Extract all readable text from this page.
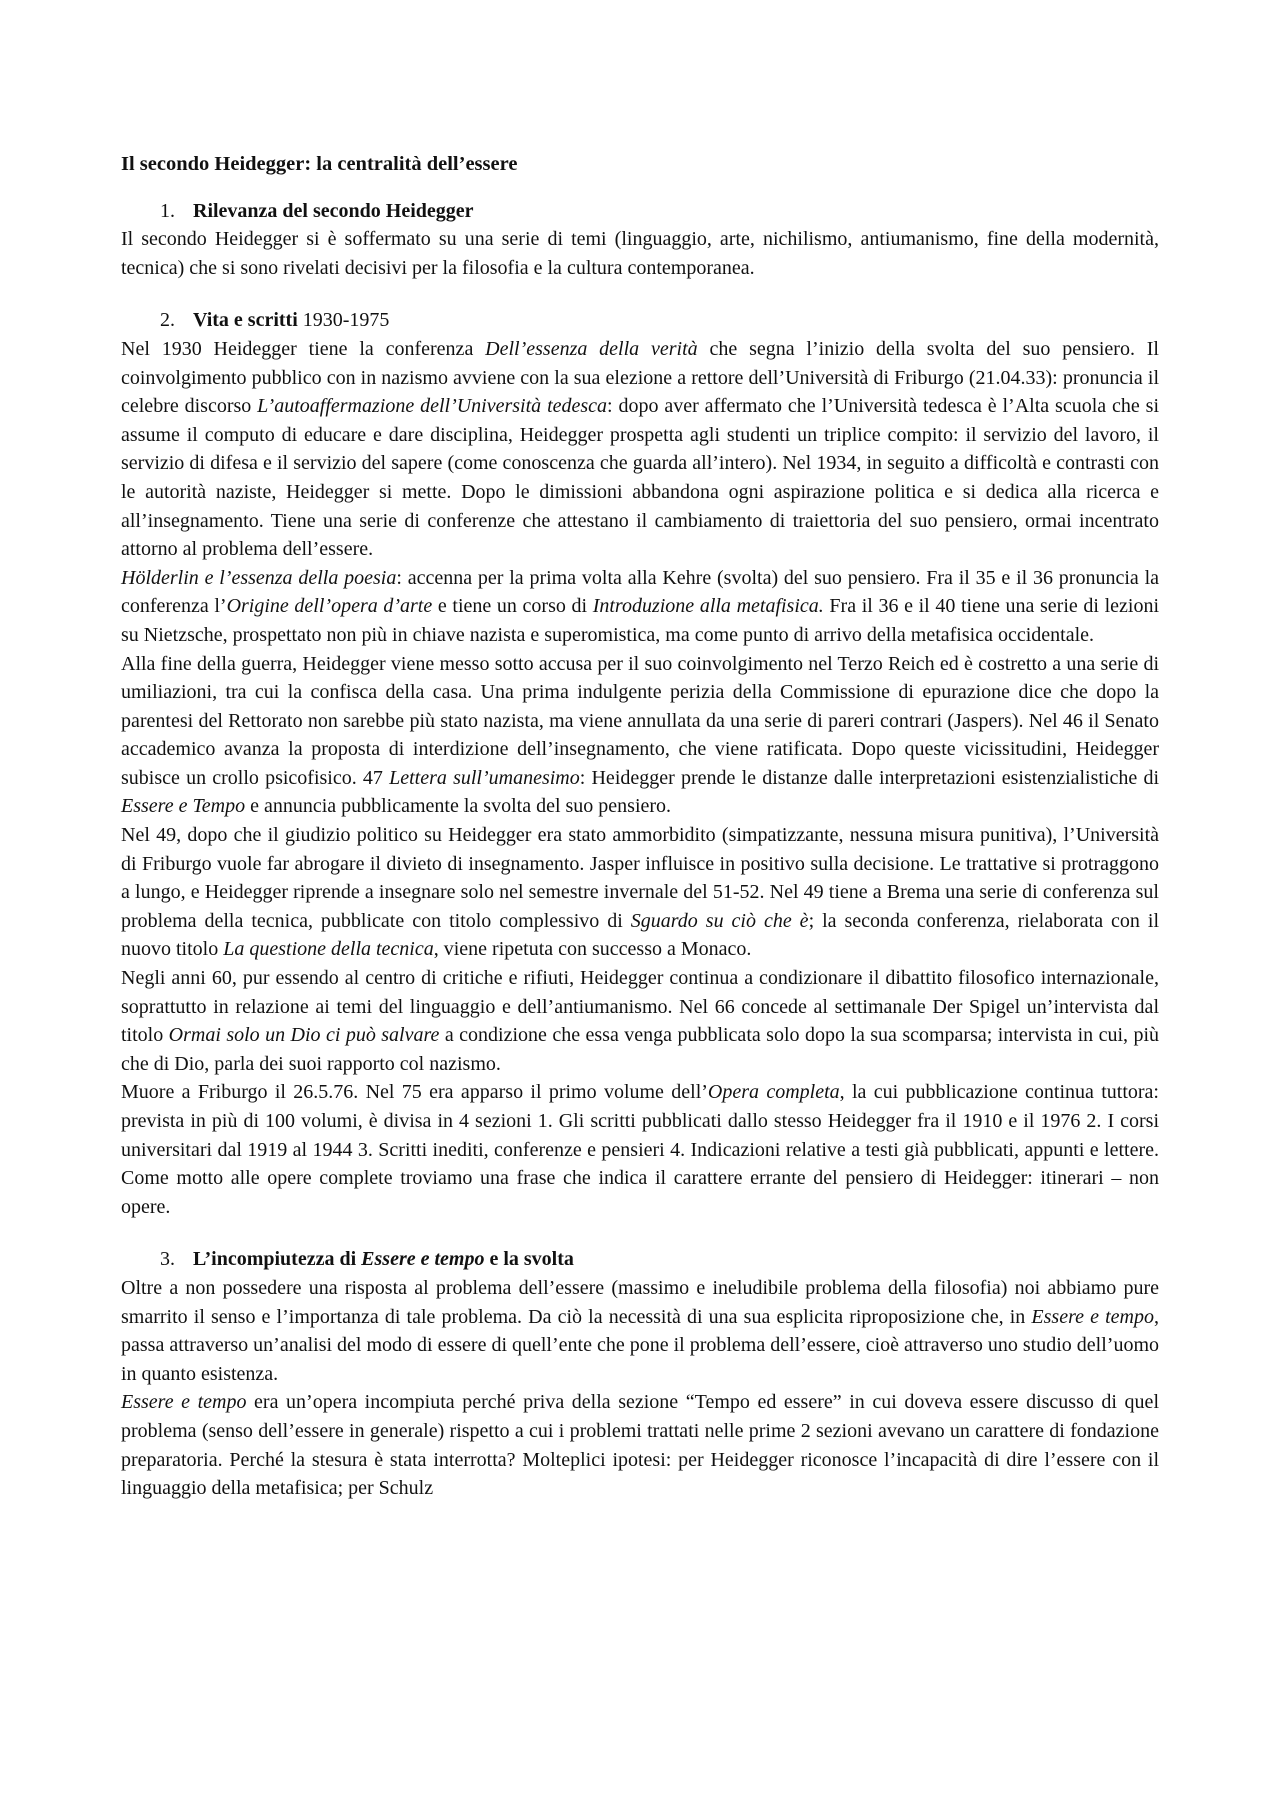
Il secondo Heidegger: la centralità dell’essere
1. Rilevanza del secondo Heidegger

Il secondo Heidegger si è soffermato su una serie di temi (linguaggio, arte, nichilismo, antiumanismo, fine della modernità, tecnica) che si sono rivelati decisivi per la filosofia e la cultura contemporanea.

2. Vita e scritti 1930-1975

Nel 1930 Heidegger tiene la conferenza Dell’essenza della verità che segna l’inizio della svolta del suo pensiero. Il coinvolgimento pubblico con in nazismo avviene con la sua elezione a rettore dell’Università di Friburgo (21.04.33): pronuncia il celebre discorso L’autoaffermazione dell’Università tedesca: dopo aver affermato che l’Università tedesca è l’Alta scuola che si assume il computo di educare e dare disciplina, Heidegger prospetta agli studenti un triplice compito: il servizio del lavoro, il servizio di difesa e il servizio del sapere (come conoscenza che guarda all’intero). Nel 1934, in seguito a difficoltà e contrasti con le autorità naziste, Heidegger si mette. Dopo le dimissioni abbandona ogni aspirazione politica e si dedica alla ricerca e all’insegnamento. Tiene una serie di conferenze che attestano il cambiamento di traiettoria del suo pensiero, ormai incentrato attorno al problema dell’essere.

Hölderlin e l’essenza della poesia: accenna per la prima volta alla Kehre (svolta) del suo pensiero. Fra il 35 e il 36 pronuncia la conferenza l’Origine dell’opera d’arte e tiene un corso di Introduzione alla metafisica. Fra il 36 e il 40 tiene una serie di lezioni su Nietzsche, prospettato non più in chiave nazista e superomistica, ma come punto di arrivo della metafisica occidentale.

Alla fine della guerra, Heidegger viene messo sotto accusa per il suo coinvolgimento nel Terzo Reich ed è costretto a una serie di umiliazioni, tra cui la confisca della casa. Una prima indulgente perizia della Commissione di epurazione dice che dopo la parentesi del Rettorato non sarebbe più stato nazista, ma viene annullata da una serie di pareri contrari (Jaspers). Nel 46 il Senato accademico avanza la proposta di interdizione dell’insegnamento, che viene ratificata. Dopo queste vicissitudini, Heidegger subisce un crollo psicofisico. 47 Lettera sull’umanesimo: Heidegger prende le distanze dalle interpretazioni esistenzialistiche di Essere e Tempo e annuncia pubblicamente la svolta del suo pensiero.

Nel 49, dopo che il giudizio politico su Heidegger era stato ammorbidito (simpatizzante, nessuna misura punitiva), l’Università di Friburgo vuole far abrogare il divieto di insegnamento. Jasper influisce in positivo sulla decisione. Le trattative si protraggono a lungo, e Heidegger riprende a insegnare solo nel semestre invernale del 51-52. Nel 49 tiene a Brema una serie di conferenza sul problema della tecnica, pubblicate con titolo complessivo di Sguardo su ciò che è; la seconda conferenza, rielaborata con il nuovo titolo La questione della tecnica, viene ripetuta con successo a Monaco.

Negli anni 60, pur essendo al centro di critiche e rifiuti, Heidegger continua a condizionare il dibattito filosofico internazionale, soprattutto in relazione ai temi del linguaggio e dell’antiumanismo. Nel 66 concede al settimanale Der Spigel un’intervista dal titolo Ormai solo un Dio ci può salvare a condizione che essa venga pubblicata solo dopo la sua scomparsa; intervista in cui, più che di Dio, parla dei suoi rapporto col nazismo.

Muore a Friburgo il 26.5.76. Nel 75 era apparso il primo volume dell’Opera completa, la cui pubblicazione continua tuttora: prevista in più di 100 volumi, è divisa in 4 sezioni 1. Gli scritti pubblicati dallo stesso Heidegger fra il 1910 e il 1976 2. I corsi universitari dal 1919 al 1944 3. Scritti inediti, conferenze e pensieri 4. Indicazioni relative a testi già pubblicati, appunti e lettere. Come motto alle opere complete troviamo una frase che indica il carattere errante del pensiero di Heidegger: itinerari – non opere.

3. L’incompiutezza di Essere e tempo e la svolta

Oltre a non possedere una risposta al problema dell’essere (massimo e ineludibile problema della filosofia) noi abbiamo pure smarrito il senso e l’importanza di tale problema. Da ciò la necessità di una sua esplicita riproposizione che, in Essere e tempo, passa attraverso un’analisi del modo di essere di quell’ente che pone il problema dell’essere, cioè attraverso uno studio dell’uomo in quanto esistenza.

Essere e tempo era un’opera incompiuta perché priva della sezione “Tempo ed essere” in cui doveva essere discusso di quel problema (senso dell’essere in generale) rispetto a cui i problemi trattati nelle prime 2 sezioni avevano un carattere di fondazione preparatoria. Perché la stesura è stata interrotta? Molteplici ipotesi: per Heidegger riconosce l’incapacità di dire l’essere con il linguaggio della metafisica; per Schulz
